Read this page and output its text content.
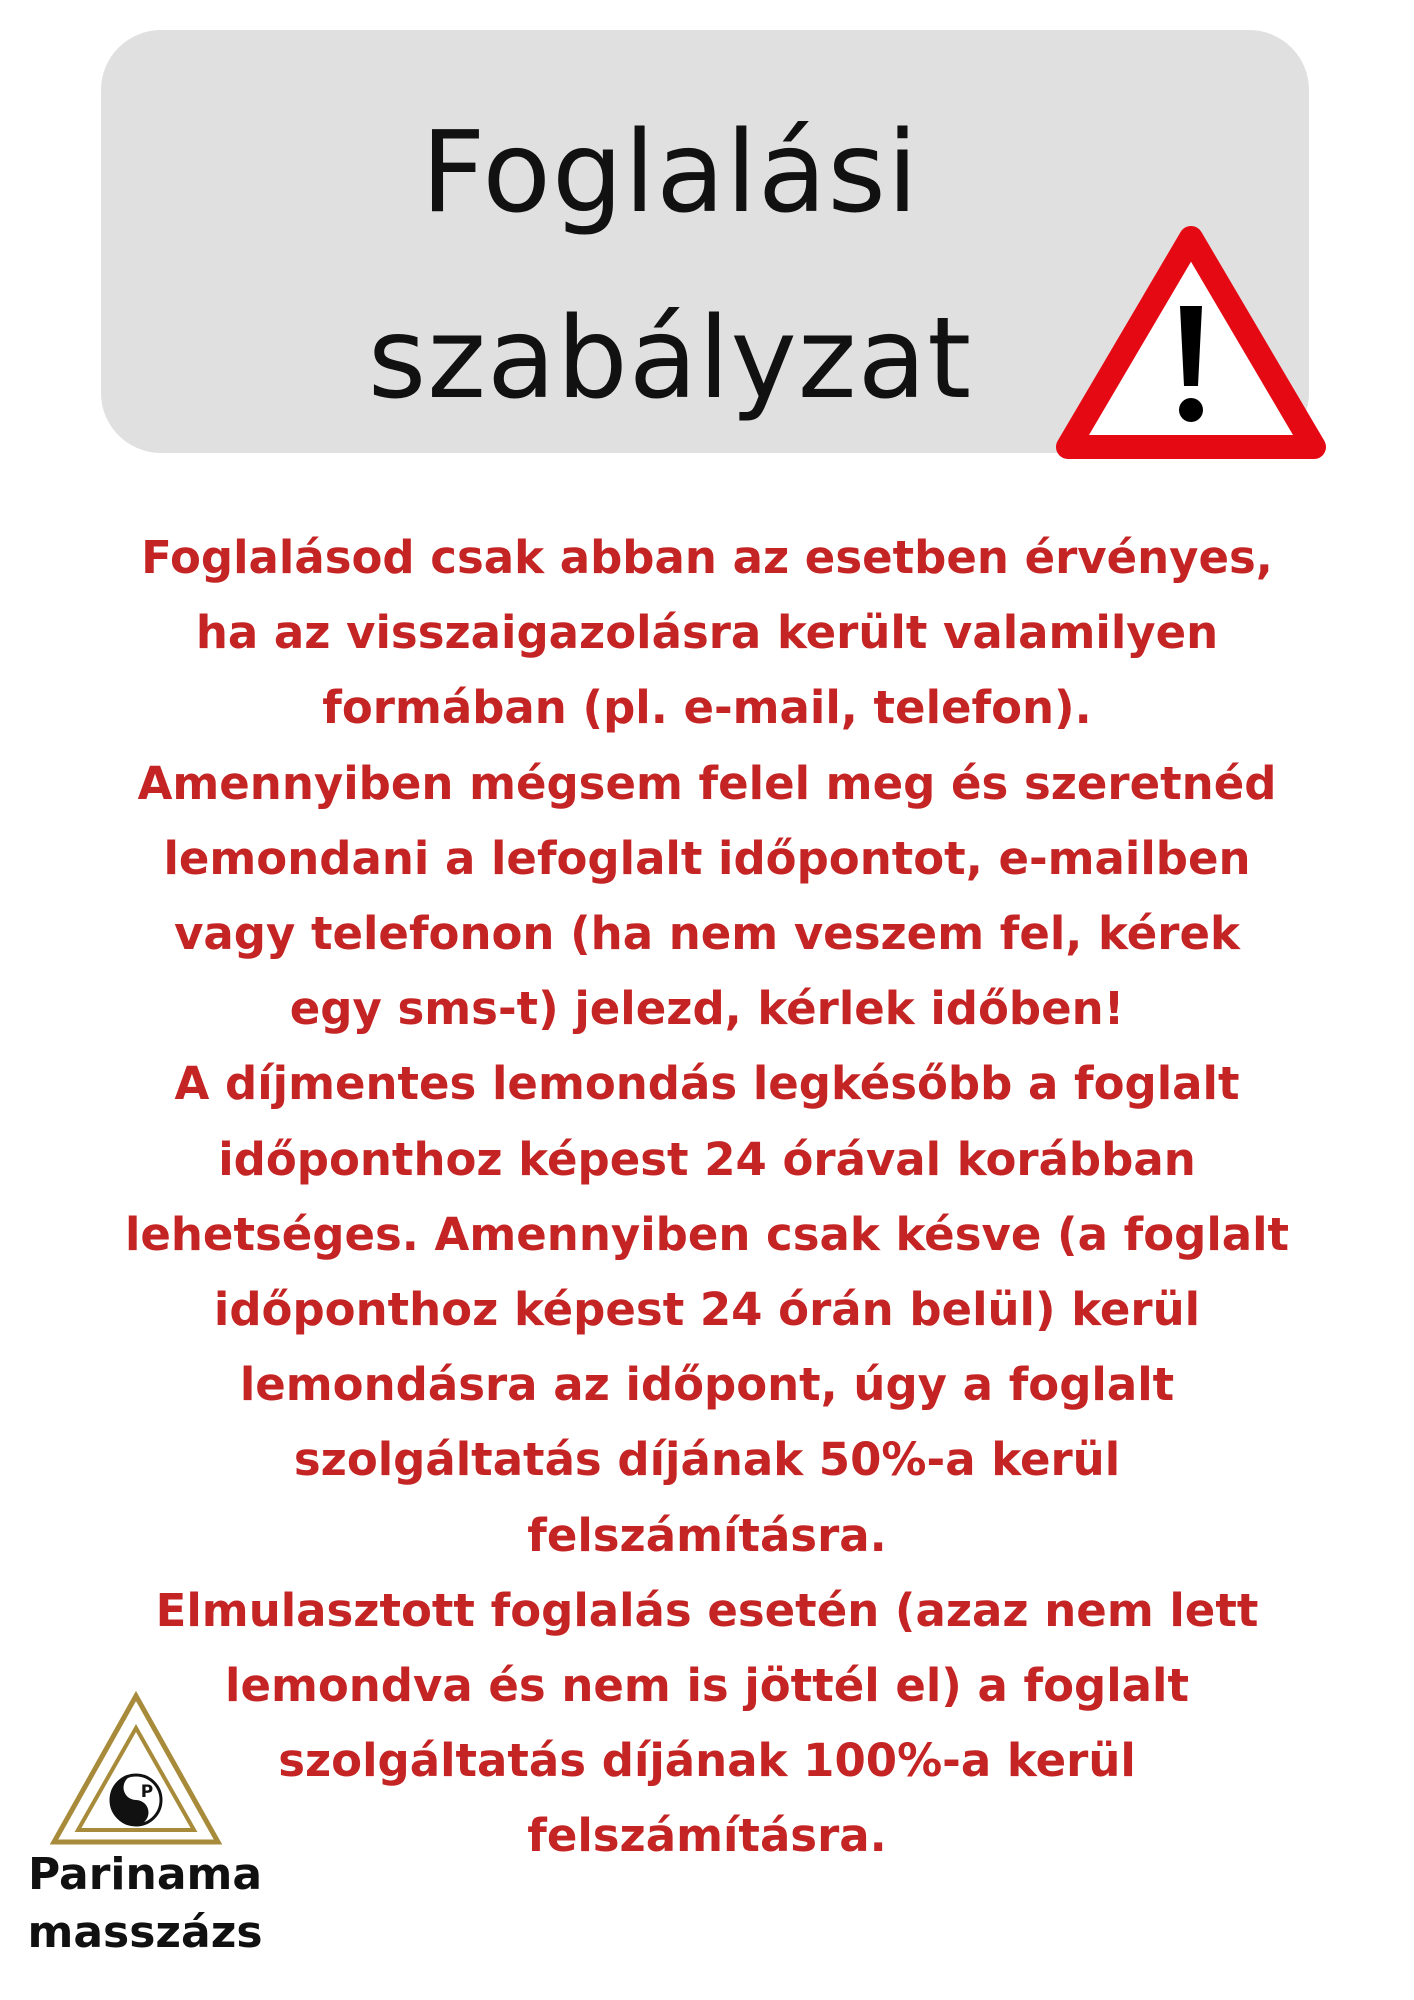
Foglalási
szabályzat

Foglalásod csak abban az esetben érvényes,
ha az visszaigazolásra került valamilyen
formában (pl. e-mail, telefon).
Amennyiben mégsem felel meg és szeretnéd
lemondani a lefoglalt időpontot, e-mailben
vagy telefonon (ha nem veszem fel, kérek
egy sms-t) jelezd, kérlek időben!
A díjmentes lemondás legkésőbb a foglalt
időponthoz képest 24 órával korábban
lehetséges. Amennyiben csak késve (a foglalt
időponthoz képest 24 órán belül) kerül
lemondásra az időpont, úgy a foglalt
szolgáltatás díjának 50%-a kerül
felszámításra.
Elmulasztott foglalás esetén (azaz nem lett
lemondva és nem is jöttél el) a foglalt
szolgáltatás díjának 100%-a kerül
felszámításra.

P
P

Parinama
masszázs
